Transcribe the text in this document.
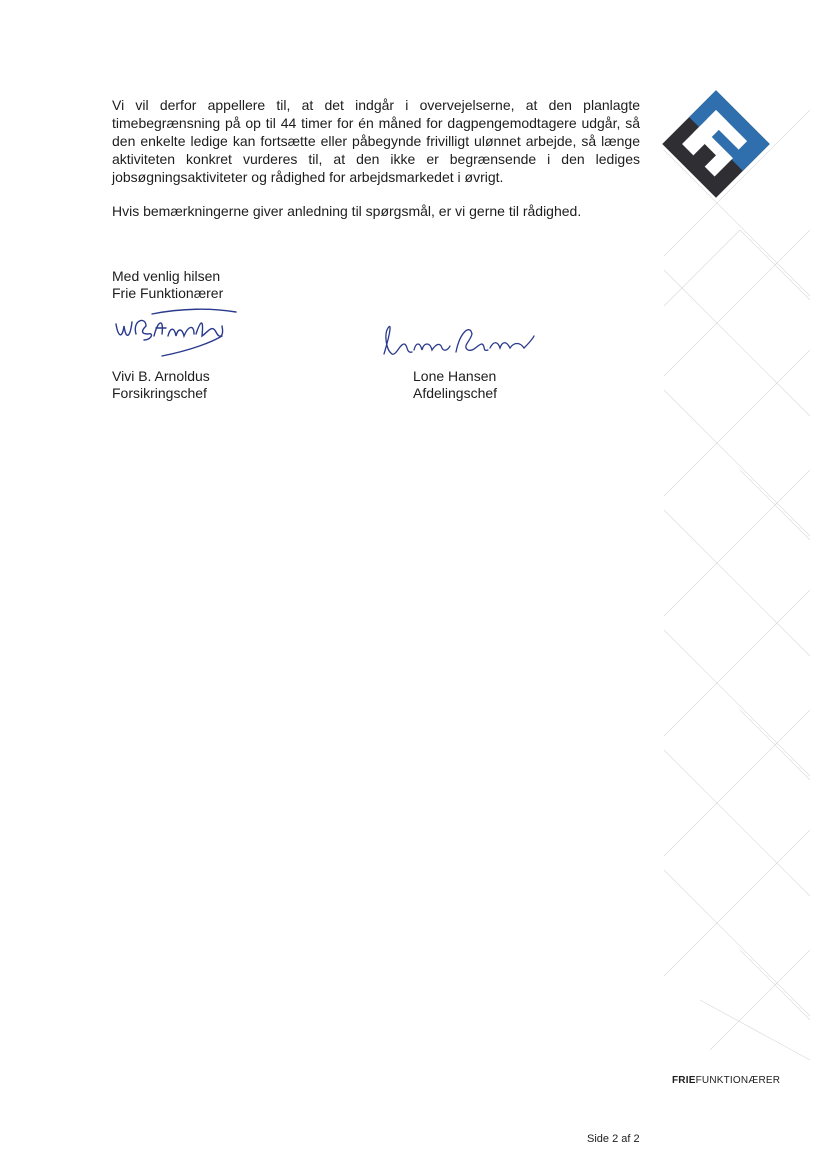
Vi vil derfor appellere til, at det indgår i overvejelserne, at den planlagte timebegrænsning på op til 44 timer for én måned for dagpengemodtagere udgår, så den enkelte ledige kan fortsætte eller påbegynde frivilligt ulønnet arbejde, så længe aktiviteten konkret vurderes til, at den ikke er begrænsende i den lediges jobsøgningsaktiviteter og rådighed for arbejdsmarkedet i øvrigt.

Hvis bemærkningerne giver anledning til spørgsmål, er vi gerne til rådighed.

Med venlig hilsen
Frie Funktionærer
Vivi B. Arnoldus
Forsikringschef
Lone Hansen
Afdelingschef
FRIEFUNKTIONÆRER
Side 2 af 2
